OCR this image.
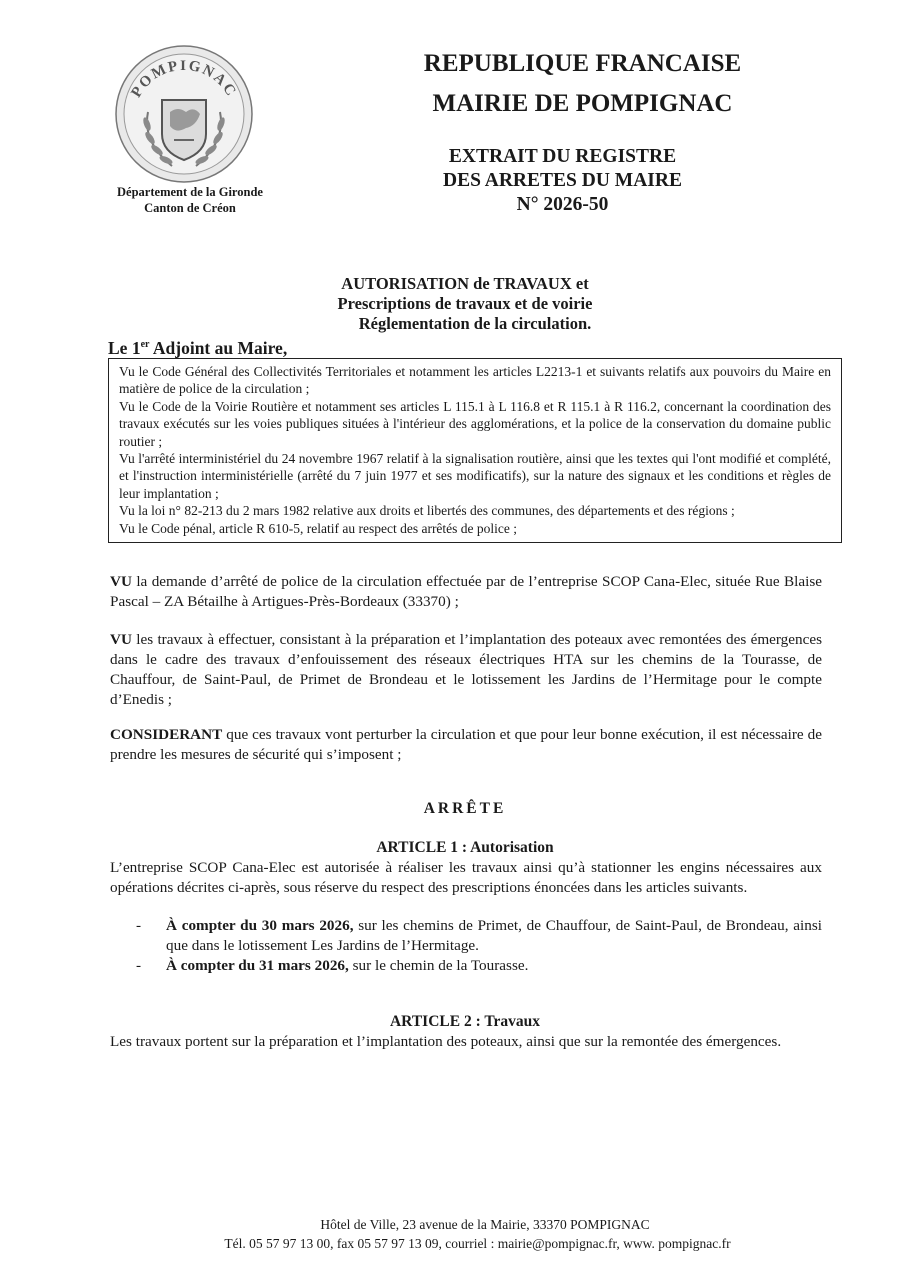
POMPIGNAC
Département de la Gironde
Canton de Créon
REPUBLIQUE FRANCAISE
MAIRIE DE POMPIGNAC
EXTRAIT DU REGISTRE
DES ARRETES DU MAIRE
N° 2026-50
AUTORISATION de TRAVAUX et
Prescriptions de travaux et de voirie
Réglementation de la circulation.
Le 1er Adjoint au Maire,
Vu le Code Général des Collectivités Territoriales et notamment les articles L2213-1 et suivants relatifs aux pouvoirs du Maire en matière de police de la circulation ;
Vu le Code de la Voirie Routière et notamment ses articles L 115.1 à L 116.8 et R 115.1 à R 116.2, concernant la coordination des travaux exécutés sur les voies publiques situées à l'intérieur des agglomérations, et la police de la conservation du domaine public routier ;
Vu l'arrêté interministériel du 24 novembre 1967 relatif à la signalisation routière, ainsi que les textes qui l'ont modifié et complété, et l'instruction interministérielle (arrêté du 7 juin 1977 et ses modificatifs), sur la nature des signaux et les conditions et règles de leur implantation ;
Vu la loi n° 82-213 du 2 mars 1982 relative aux droits et libertés des communes, des départements et des régions ;
Vu le Code pénal, article R 610-5, relatif au respect des arrêtés de police ;
VU la demande d’arrêté de police de la circulation effectuée par de l’entreprise SCOP Cana-Elec, située Rue Blaise Pascal – ZA Bétailhe à Artigues-Près-Bordeaux (33370) ;
VU les travaux à effectuer, consistant à la préparation et l’implantation des poteaux avec remontées des émergences dans le cadre des travaux d’enfouissement des réseaux électriques HTA sur les chemins de la Tourasse, de Chauffour, de Saint-Paul, de Primet de Brondeau et le lotissement les Jardins de l’Hermitage pour le compte d’Enedis ;
CONSIDERANT que ces travaux vont perturber la circulation et que pour leur bonne exécution, il est nécessaire de prendre les mesures de sécurité qui s’imposent ;
ARRÊTE
ARTICLE 1 : Autorisation
L’entreprise SCOP Cana-Elec est autorisée à réaliser les travaux ainsi qu’à stationner les engins nécessaires aux opérations décrites ci-après, sous réserve du respect des prescriptions énoncées dans les articles suivants.
-	À compter du 30 mars 2026, sur les chemins de Primet, de Chauffour, de Saint-Paul, de Brondeau, ainsi que dans le lotissement Les Jardins de l’Hermitage.
-	À compter du 31 mars 2026, sur le chemin de la Tourasse.
ARTICLE 2 : Travaux
Les travaux portent sur la préparation et l’implantation des poteaux, ainsi que sur la remontée des émergences.
Hôtel de Ville, 23 avenue de la Mairie, 33370 POMPIGNAC
Tél. 05 57 97 13 00, fax 05 57 97 13 09, courriel : mairie@pompignac.fr, www. pompignac.fr
